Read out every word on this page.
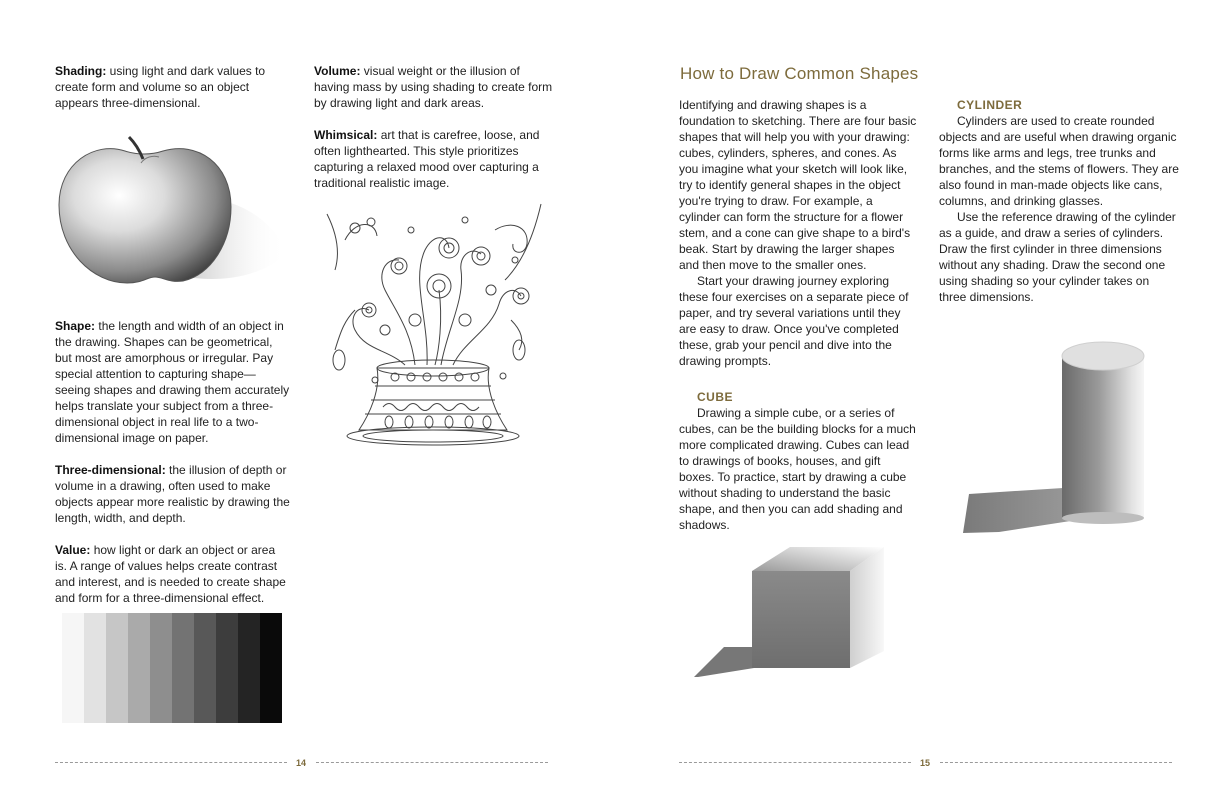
Shading: using light and dark values to create form and volume so an object appears three-dimensional.

Shape: the length and width of an object in the drawing. Shapes can be geometrical, but most are amorphous or irregular. Pay special attention to capturing shape—seeing shapes and drawing them accurately helps translate your subject from a three-dimensional object in real life to a two-dimensional image on paper.

Three-dimensional: the illusion of depth or volume in a drawing, often used to make objects appear more realistic by drawing the length, width, and depth.

Value: how light or dark an object or area is. A range of values helps create contrast and interest, and is needed to create shape and form for a three-dimensional effect.

Volume: visual weight or the illusion of having mass by using shading to create form by drawing light and dark areas.

Whimsical: art that is carefree, loose, and often lighthearted. This style prioritizes capturing a relaxed mood over capturing a traditional realistic image.

14
How to Draw Common Shapes

Identifying and drawing shapes is a foundation to sketching. There are four basic shapes that will help you with your drawing: cubes, cylinders, spheres, and cones. As you imagine what your sketch will look like, try to identify general shapes in the object you're trying to draw. For example, a cylinder can form the structure for a flower stem, and a cone can give shape to a bird's beak. Start by drawing the larger shapes and then move to the smaller ones.

Start your drawing journey exploring these four exercises on a separate piece of paper, and try several variations until they are easy to draw. Once you've completed these, grab your pencil and dive into the drawing prompts.

CUBE

Drawing a simple cube, or a series of cubes, can be the building blocks for a much more complicated drawing. Cubes can lead to drawings of books, houses, and gift boxes. To practice, start by drawing a cube without shading to understand the basic shape, and then you can add shading and shadows.

CYLINDER

Cylinders are used to create rounded objects and are useful when drawing organic forms like arms and legs, tree trunks and branches, and the stems of flowers. They are also found in man-made objects like cans, columns, and drinking glasses.

Use the reference drawing of the cylinder as a guide, and draw a series of cylinders. Draw the first cylinder in three dimensions without any shading. Draw the second one using shading so your cylinder takes on three dimensions.

15
